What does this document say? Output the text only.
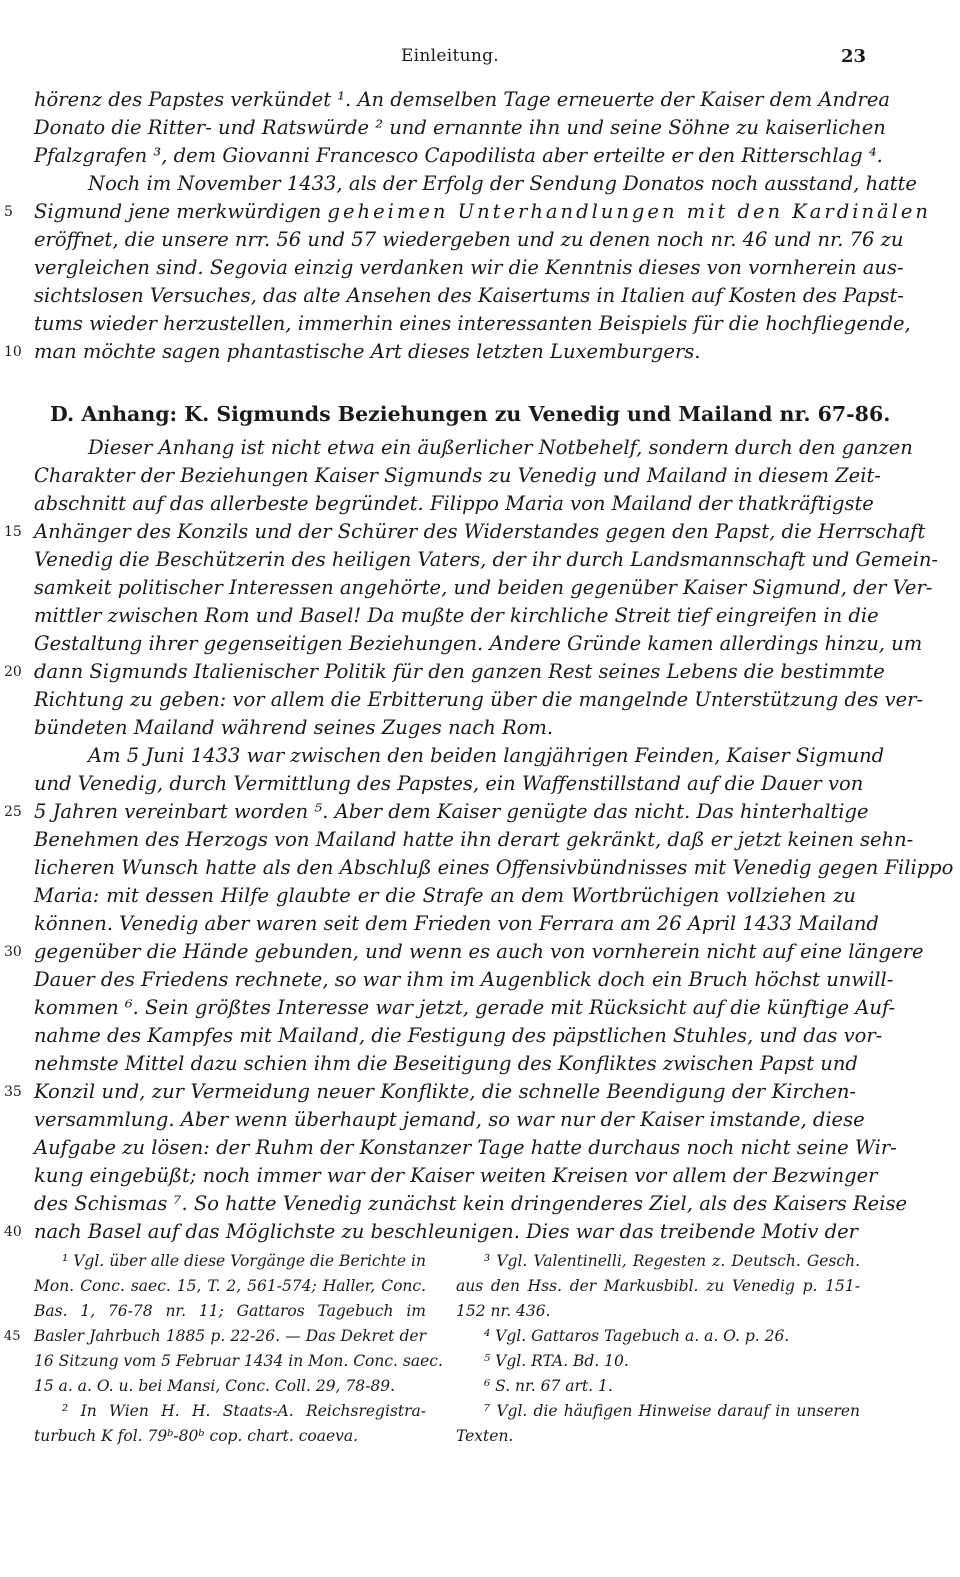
Einleitung.	23
hörenz des Papstes verkündet ¹. An demselben Tage erneuerte der Kaiser dem Andrea
Donato die Ritter- und Ratswürde ² und ernannte ihn und seine Söhne zu kaiserlichen
Pfalzgrafen ³, dem Giovanni Francesco Capodilista aber erteilte er den Ritterschlag ⁴.
Noch im November 1433, als der Erfolg der Sendung Donatos noch ausstand, hatte
5	Sigmund jene merkwürdigen geheimen Unterhandlungen mit den Kardinälen
eröffnet, die unsere nrr. 56 und 57 wiedergeben und zu denen noch nr. 46 und nr. 76 zu
vergleichen sind. Segovia einzig verdanken wir die Kenntnis dieses von vornherein aus-
sichtslosen Versuches, das alte Ansehen des Kaisertums in Italien auf Kosten des Papst-
tums wieder herzustellen, immerhin eines interessanten Beispiels für die hochfliegende,
10 man möchte sagen phantastische Art dieses letzten Luxemburgers.
D. Anhang: K. Sigmunds Beziehungen zu Venedig und Mailand nr. 67-86.
Dieser Anhang ist nicht etwa ein äußerlicher Notbehelf, sondern durch den ganzen
Charakter der Beziehungen Kaiser Sigmunds zu Venedig und Mailand in diesem Zeit-
abschnitt auf das allerbeste begründet. Filippo Maria von Mailand der thatkräftigste
15 Anhänger des Konzils und der Schürer des Widerstandes gegen den Papst, die Herrschaft
Venedig die Beschützerin des heiligen Vaters, der ihr durch Landsmannschaft und Gemein-
samkeit politischer Interessen angehörte, und beiden gegenüber Kaiser Sigmund, der Ver-
mittler zwischen Rom und Basel! Da mußte der kirchliche Streit tief eingreifen in die
Gestaltung ihrer gegenseitigen Beziehungen. Andere Gründe kamen allerdings hinzu, um
20 dann Sigmunds Italienischer Politik für den ganzen Rest seines Lebens die bestimmte
Richtung zu geben: vor allem die Erbitterung über die mangelnde Unterstützung des ver-
bündeten Mailand während seines Zuges nach Rom.
Am 5 Juni 1433 war zwischen den beiden langjährigen Feinden, Kaiser Sigmund
und Venedig, durch Vermittlung des Papstes, ein Waffenstillstand auf die Dauer von
25 5 Jahren vereinbart worden ⁵. Aber dem Kaiser genügte das nicht. Das hinterhaltige
Benehmen des Herzogs von Mailand hatte ihn derart gekränkt, daß er jetzt keinen sehn-
licheren Wunsch hatte als den Abschluß eines Offensivbündnisses mit Venedig gegen Filippo
Maria: mit dessen Hilfe glaubte er die Strafe an dem Wortbrüchigen vollziehen zu
können. Venedig aber waren seit dem Frieden von Ferrara am 26 April 1433 Mailand
30 gegenüber die Hände gebunden, und wenn es auch von vornherein nicht auf eine längere
Dauer des Friedens rechnete, so war ihm im Augenblick doch ein Bruch höchst unwill-
kommen ⁶. Sein größtes Interesse war jetzt, gerade mit Rücksicht auf die künftige Auf-
nahme des Kampfes mit Mailand, die Festigung des päpstlichen Stuhles, und das vor-
nehmste Mittel dazu schien ihm die Beseitigung des Konfliktes zwischen Papst und
35 Konzil und, zur Vermeidung neuer Konflikte, die schnelle Beendigung der Kirchen-
versammlung. Aber wenn überhaupt jemand, so war nur der Kaiser imstande, diese
Aufgabe zu lösen: der Ruhm der Konstanzer Tage hatte durchaus noch nicht seine Wir-
kung eingebüßt; noch immer war der Kaiser weiten Kreisen vor allem der Bezwinger
des Schismas ⁷. So hatte Venedig zunächst kein dringenderes Ziel, als des Kaisers Reise
40 nach Basel auf das Möglichste zu beschleunigen. Dies war das treibende Motiv der
¹ Vgl. über alle diese Vorgänge die Berichte in
Mon. Conc. saec. 15, T. 2, 561-574; Haller, Conc.
Bas. 1, 76-78 nr. 11; Gattaros Tagebuch im
Basler Jahrbuch 1885 p. 22-26. — Das Dekret der
16 Sitzung vom 5 Februar 1434 in Mon. Conc. saec.
15 a. a. O. u. bei Mansi, Conc. Coll. 29, 78-89.
² In Wien H. H. Staats-A. Reichsregistra-
turbuch K fol. 79ᵇ-80ᵇ cop. chart. coaeva.
45
³ Vgl. Valentinelli, Regesten z. Deutsch. Gesch.
aus den Hss. der Markusbibl. zu Venedig p. 151-
152 nr. 436.
⁴ Vgl. Gattaros Tagebuch a. a. O. p. 26.
⁵ Vgl. RTA. Bd. 10.
⁶ S. nr. 67 art. 1.
⁷ Vgl. die häufigen Hinweise darauf in unseren
Texten.
